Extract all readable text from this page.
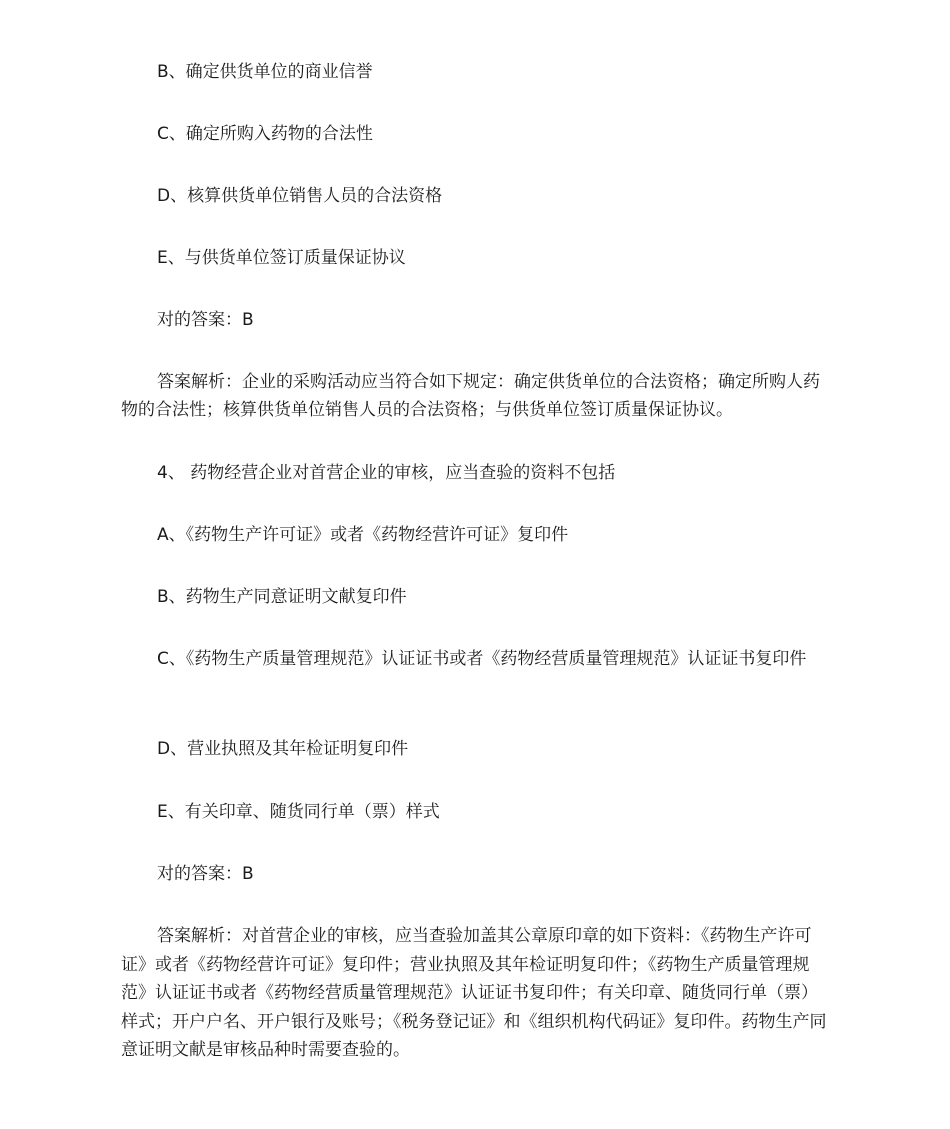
B、确定供货单位的商业信誉

C、确定所购入药物的合法性

D、核算供货单位销售人员的合法资格

E、与供货单位签订质量保证协议

对的答案：B

答案解析：企业的采购活动应当符合如下规定：确定供货单位的合法资格；确定所购人药物的合法性；核算供货单位销售人员的合法资格；与供货单位签订质量保证协议。

4、 药物经营企业对首营企业的审核，应当查验的资料不包括

A、《药物生产许可证》或者《药物经营许可证》复印件

B、药物生产同意证明文献复印件

C、《药物生产质量管理规范》认证证书或者《药物经营质量管理规范》认证证书复印件

D、营业执照及其年检证明复印件

E、有关印章、随货同行单（票）样式

对的答案：B

答案解析：对首营企业的审核，应当查验加盖其公章原印章的如下资料：《药物生产许可证》或者《药物经营许可证》复印件；营业执照及其年检证明复印件；《药物生产质量管理规范》认证证书或者《药物经营质量管理规范》认证证书复印件；有关印章、随货同行单（票）样式；开户户名、开户银行及账号；《税务登记证》和《组织机构代码证》复印件。药物生产同意证明文献是审核品种时需要查验的。
